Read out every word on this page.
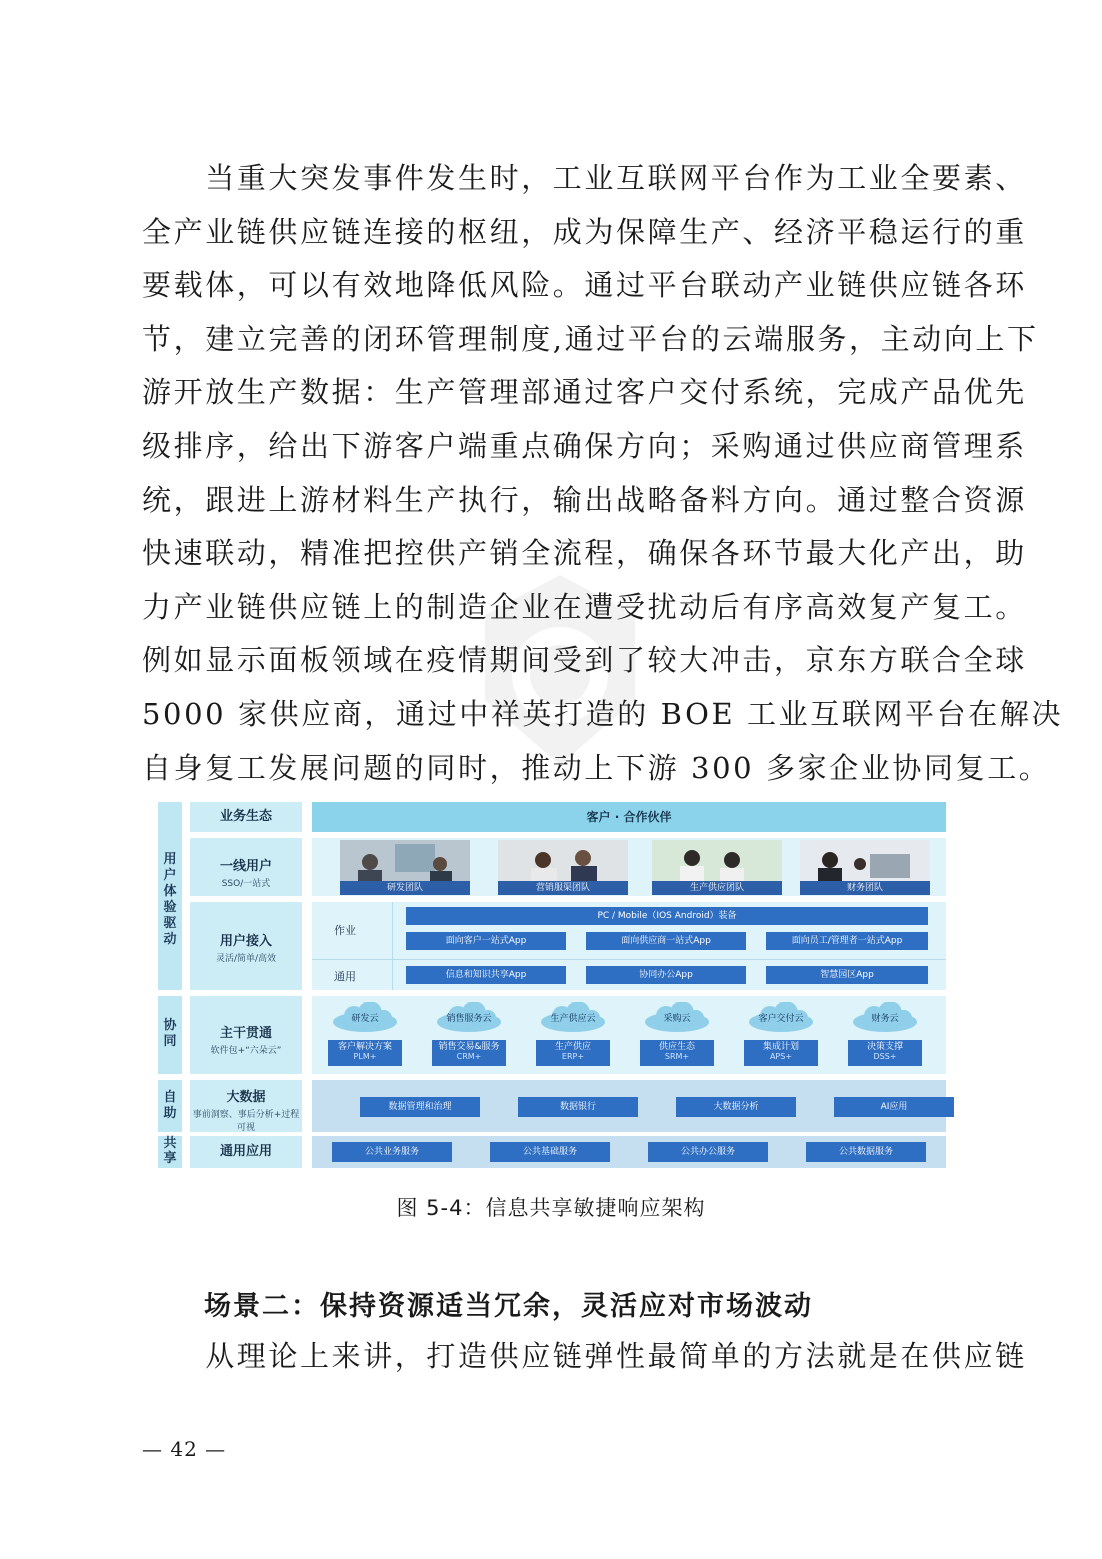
　　当重大突发事件发生时，工业互联网平台作为工业全要素、
全产业链供应链连接的枢纽，成为保障生产、经济平稳运行的重
要载体，可以有效地降低风险。通过平台联动产业链供应链各环
节，建立完善的闭环管理制度,通过平台的云端服务，主动向上下
游开放生产数据：生产管理部通过客户交付系统，完成产品优先
级排序，给出下游客户端重点确保方向；采购通过供应商管理系
统，跟进上游材料生产执行，输出战略备料方向。通过整合资源
快速联动，精准把控供产销全流程，确保各环节最大化产出，助
力产业链供应链上的制造企业在遭受扰动后有序高效复产复工。
例如显示面板领域在疫情期间受到了较大冲击，京东方联合全球
5000 家供应商，通过中祥英打造的 BOE 工业互联网平台在解决
自身复工发展问题的同时，推动上下游 300 多家企业协同复工。
用
户
体
验
驱
动
协
同
自
助
共
享
业务生态
一线用户
SSO/一站式
用户接入
灵活/简单/高效
主干贯通
软件包+“六朵云”
大数据
事前洞察、事后分析+过程可视
通用应用
客户 · 合作伙伴
研发团队	营销服渠团队	生产供应团队	财务团队
作业
通用
PC / Mobile（IOS Android）装备
面向客户一站式App	面向供应商一站式App	面向员工/管理者一站式App
信息和知识共享App	协同办公App	智慧园区App
研发云
客户解决方案
PLM+
销售服务云
销售交易&服务
CRM+
生产供应云
生产供应
ERP+
采购云
供应生态
SRM+
客户交付云
集成计划
APS+
财务云
决策支撑
DSS+
数据管理和治理	数据银行	大数据分析	AI应用
公共业务服务	公共基础服务	公共办公服务	公共数据服务
图 5-4：信息共享敏捷响应架构
场景二：保持资源适当冗余，灵活应对市场波动
　　从理论上来讲，打造供应链弹性最简单的方法就是在供应链
— 42 —
